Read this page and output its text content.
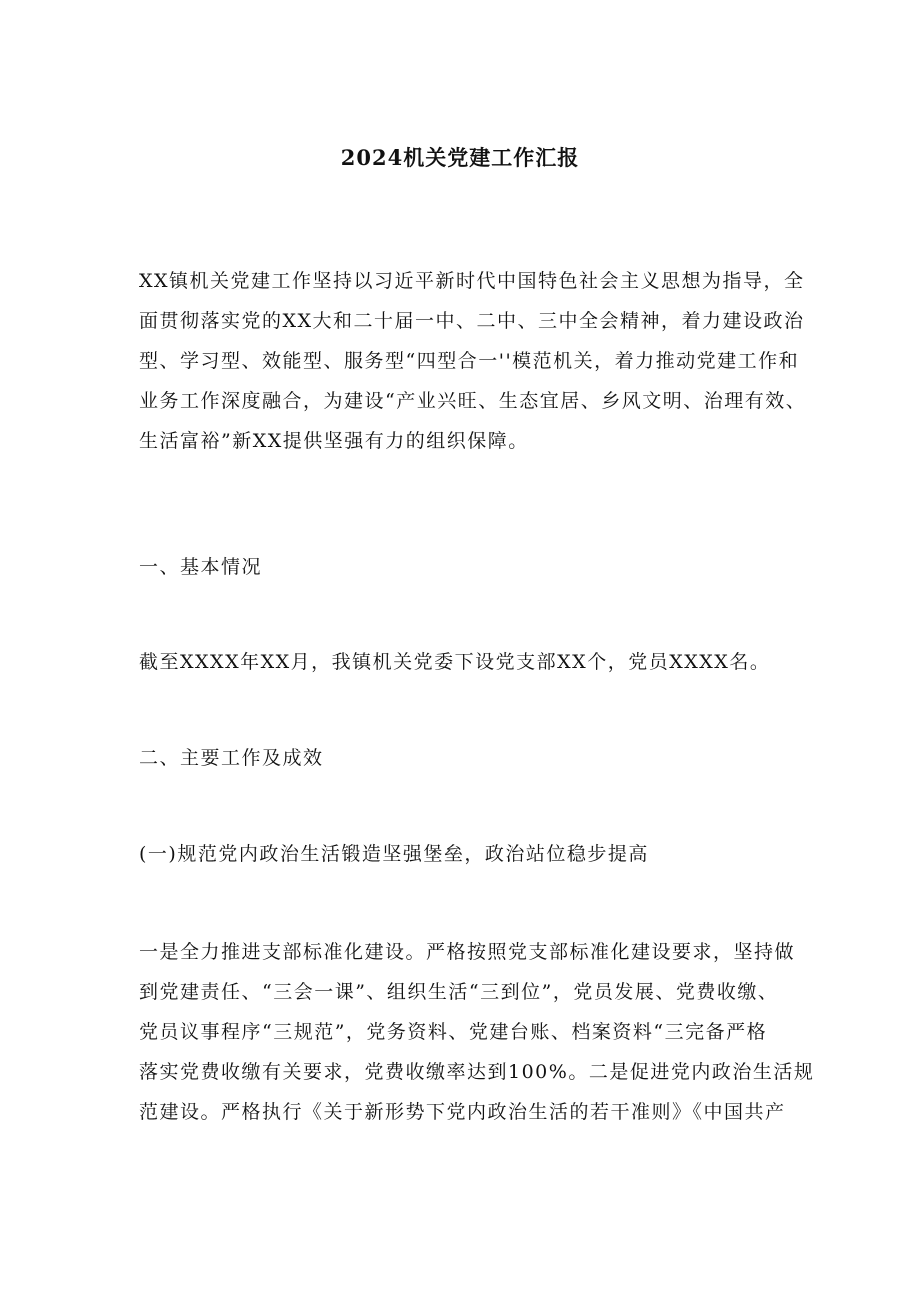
2024机关党建工作汇报
XX镇机关党建工作坚持以习近平新时代中国特色社会主义思想为指导，全
面贯彻落实党的XX大和二十届一中、二中、三中全会精神，着力建设政治
型、学习型、效能型、服务型“四型合一''模范机关，着力推动党建工作和
业务工作深度融合，为建设“产业兴旺、生态宜居、乡风文明、治理有效、
生活富裕”新XX提供坚强有力的组织保障。
一、基本情况
截至XXXX年XX月，我镇机关党委下设党支部XX个，党员XXXX名。
二、主要工作及成效
(一)规范党内政治生活锻造坚强堡垒，政治站位稳步提高
一是全力推进支部标准化建设。严格按照党支部标准化建设要求，坚持做
到党建责任、“三会一课”、组织生活“三到位”，党员发展、党费收缴、
党员议事程序“三规范”，党务资料、党建台账、档案资料“三完备严格
落实党费收缴有关要求，党费收缴率达到100%。二是促进党内政治生活规
范建设。严格执行《关于新形势下党内政治生活的若干准则》《中国共产
